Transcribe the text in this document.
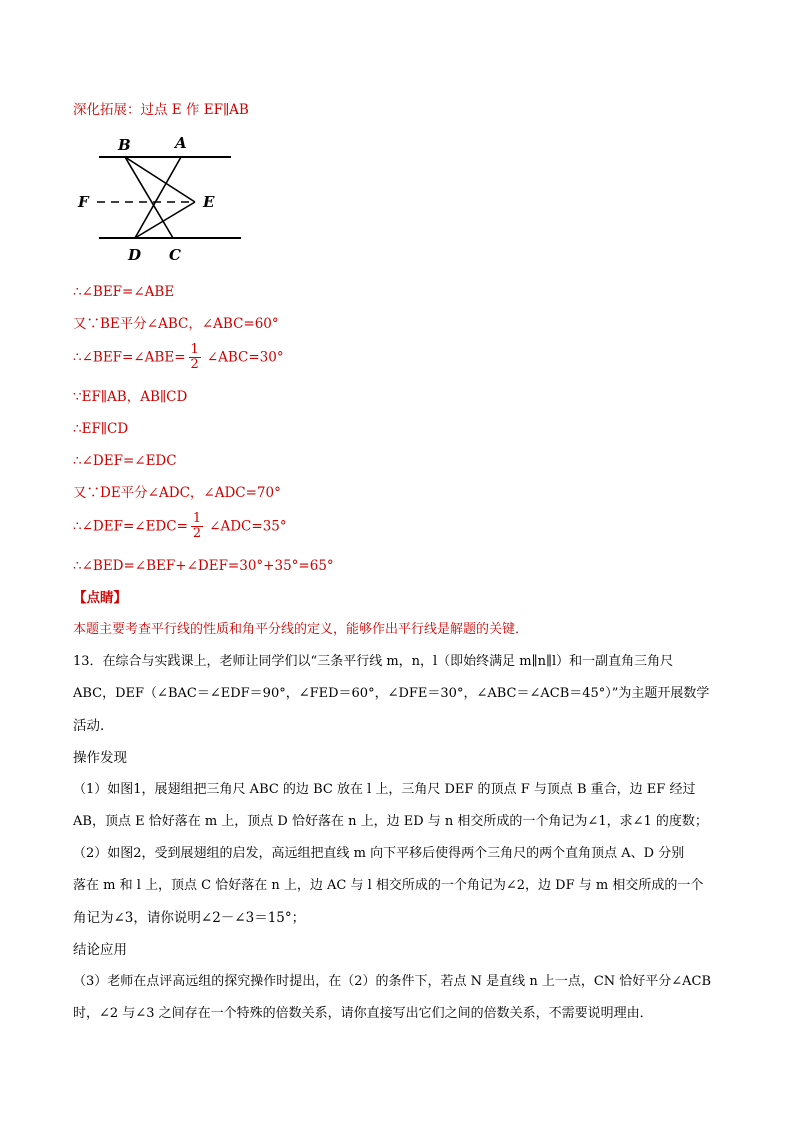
深化拓展：过点 E 作 EF∥AB
B	A
F	E
D C
∴∠BEF=∠ABE
又∵BE平分∠ABC，∠ABC=60°
∴∠BEF=∠ABE= $\frac{1}{2}$ ∠ABC=30°
∵EF∥AB，AB∥CD
∴EF∥CD
∴∠DEF=∠EDC
又∵DE平分∠ADC，∠ADC=70°
∴∠DEF=∠EDC= $\frac{1}{2}$ ∠ADC=35°
∴∠BED=∠BEF+∠DEF=30°+35°=65°
【点睛】
本题主要考查平行线的性质和角平分线的定义，能够作出平行线是解题的关键．
13．在综合与实践课上，老师让同学们以“三条平行线 m，n，l（即始终满足 m∥n∥l）和一副直角三角尺
ABC，DEF（∠BAC＝∠EDF＝90°，∠FED＝60°，∠DFE＝30°，∠ABC＝∠ACB＝45°）”为主题开展数学
活动．
操作发现
（1）如图1，展翅组把三角尺 ABC 的边 BC 放在 l 上，三角尺 DEF 的顶点 F 与顶点 B 重合，边 EF 经过
AB，顶点 E 恰好落在 m 上，顶点 D 恰好落在 n 上，边 ED 与 n 相交所成的一个角记为∠1，求∠1 的度数；
（2）如图2，受到展翅组的启发，高远组把直线 m 向下平移后使得两个三角尺的两个直角顶点 A、D 分别
落在 m 和 l 上，顶点 C 恰好落在 n 上，边 AC 与 l 相交所成的一个角记为∠2，边 DF 与 m 相交所成的一个
角记为∠3，请你说明∠2－∠3＝15°；
结论应用
（3）老师在点评高远组的探究操作时提出，在（2）的条件下，若点 N 是直线 n 上一点，CN 恰好平分∠ACB
时，∠2 与∠3 之间存在一个特殊的倍数关系，请你直接写出它们之间的倍数关系，不需要说明理由．
